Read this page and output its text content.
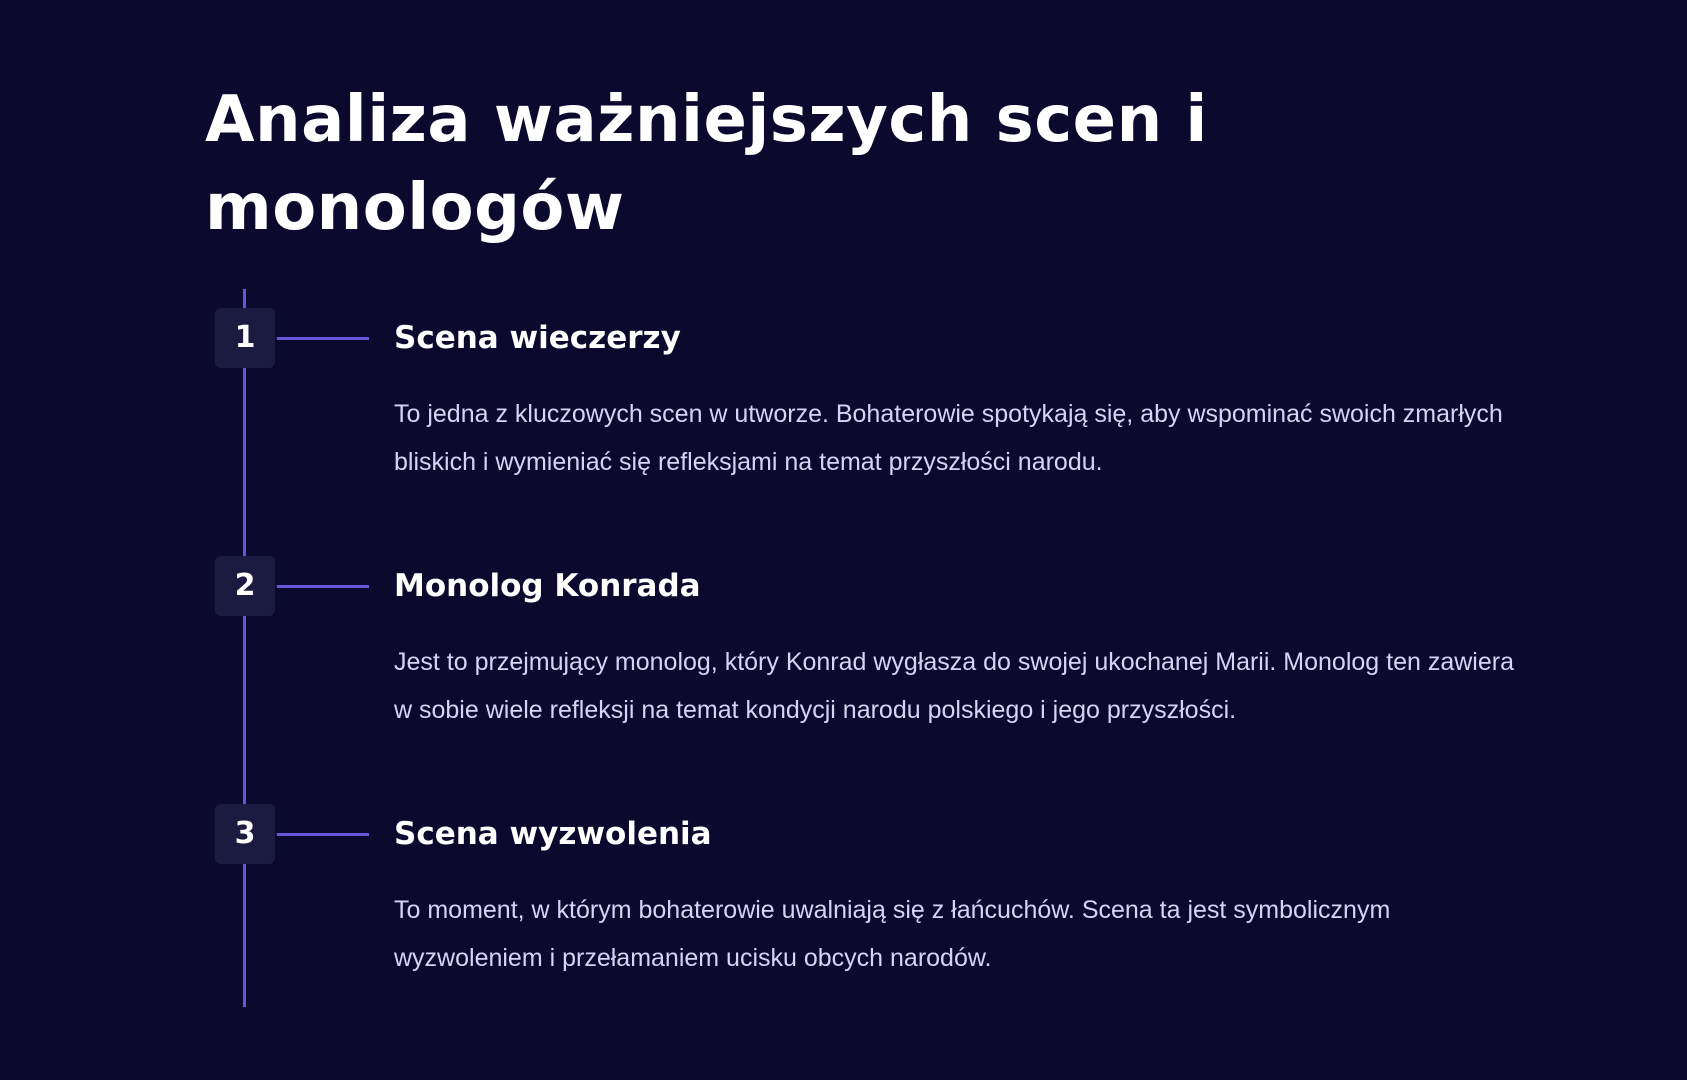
Analiza ważniejszych scen i monologów
1	Scena wieczerzy

To jedna z kluczowych scen w utworze. Bohaterowie spotykają się, aby wspominać swoich zmarłych bliskich i wymieniać się refleksjami na temat przyszłości narodu.

2	Monolog Konrada

Jest to przejmujący monolog, który Konrad wygłasza do swojej ukochanej Marii. Monolog ten zawiera w sobie wiele refleksji na temat kondycji narodu polskiego i jego przyszłości.

3	Scena wyzwolenia

To moment, w którym bohaterowie uwalniają się z łańcuchów. Scena ta jest symbolicznym wyzwoleniem i przełamaniem ucisku obcych narodów.
